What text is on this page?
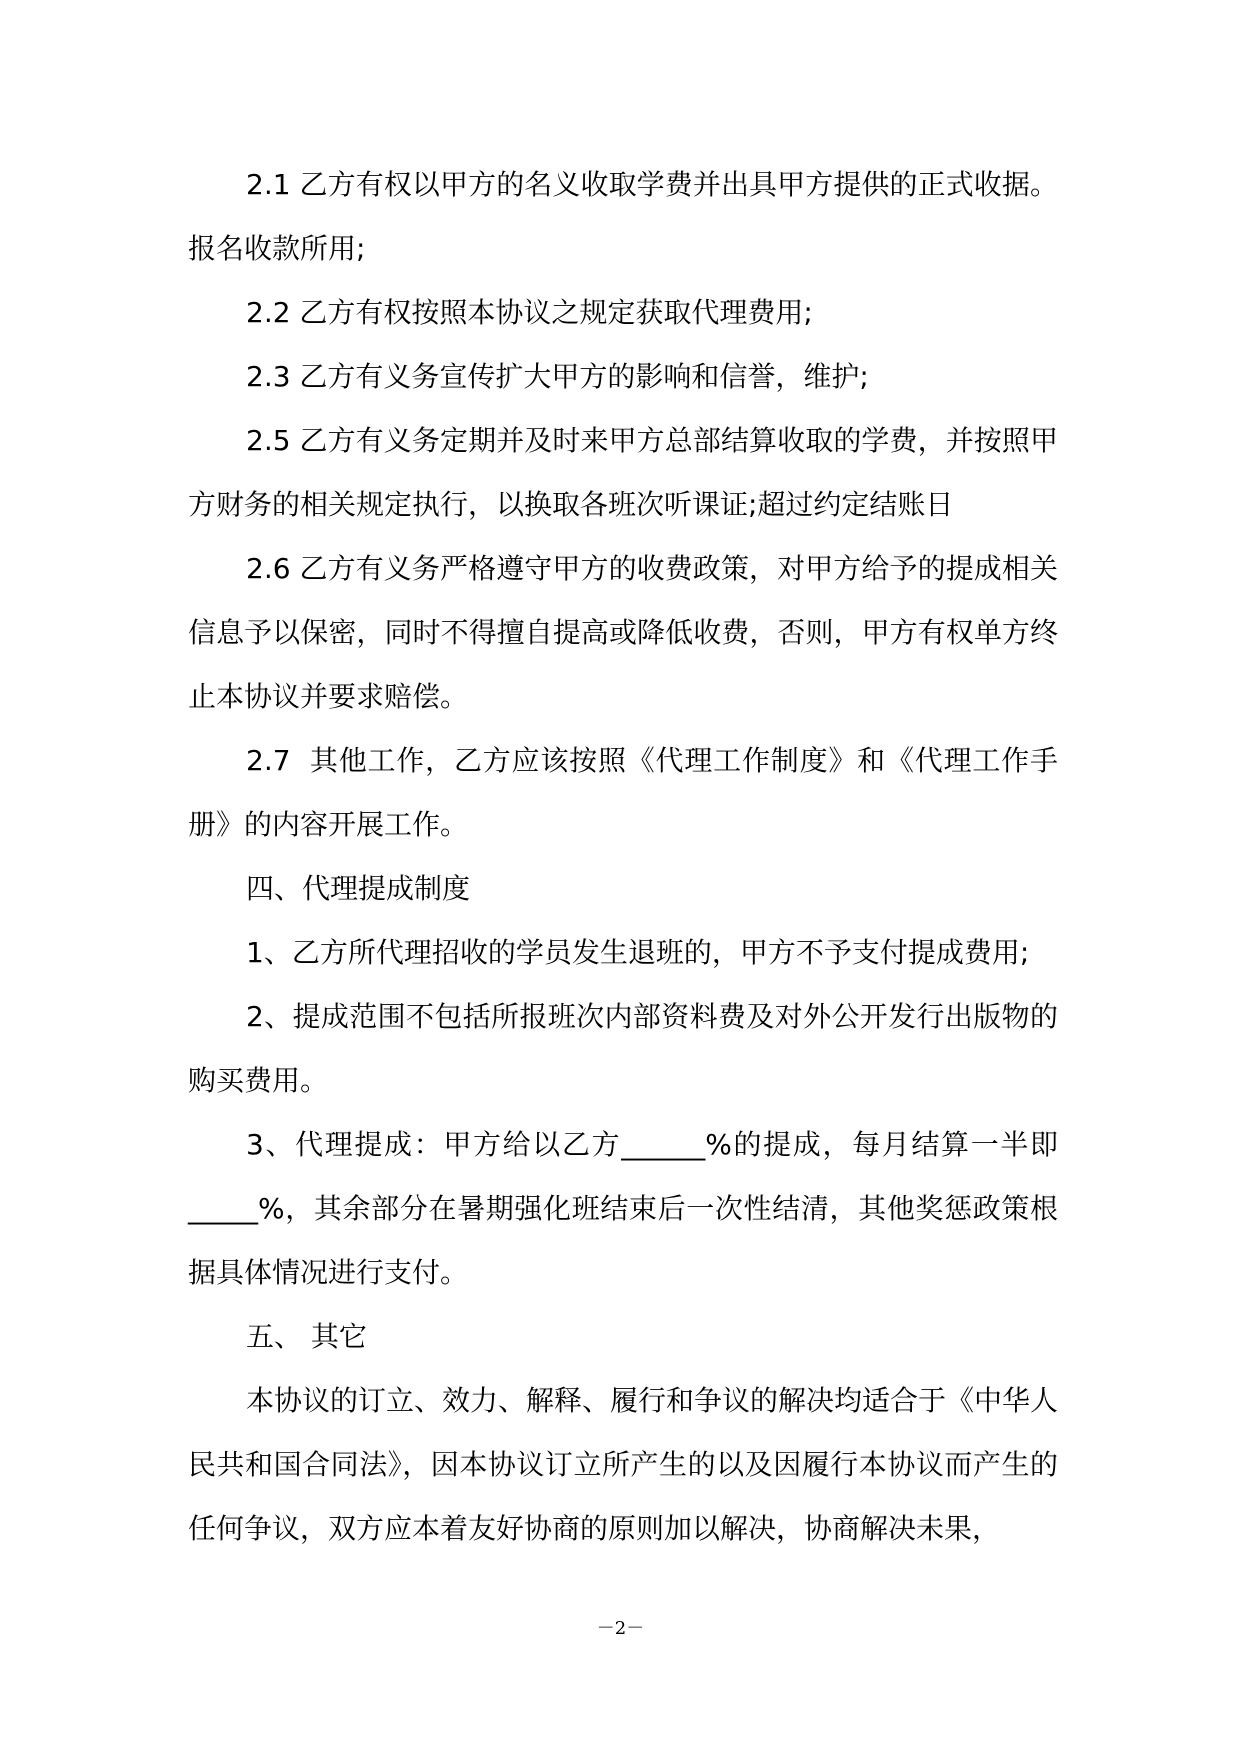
2.1 乙方有权以甲方的名义收取学费并出具甲方提供的正式收据。报名收款所用;

2.2 乙方有权按照本协议之规定获取代理费用;

2.3 乙方有义务宣传扩大甲方的影响和信誉，维护;

2.5 乙方有义务定期并及时来甲方总部结算收取的学费，并按照甲方财务的相关规定执行，以换取各班次听课证;超过约定结账日

2.6 乙方有义务严格遵守甲方的收费政策，对甲方给予的提成相关信息予以保密，同时不得擅自提高或降低收费，否则，甲方有权单方终止本协议并要求赔偿。

2.7  其他工作，乙方应该按照《代理工作制度》和《代理工作手册》的内容开展工作。

四、代理提成制度

1、乙方所代理招收的学员发生退班的，甲方不予支付提成费用;

2、提成范围不包括所报班次内部资料费及对外公开发行出版物的购买费用。

3、代理提成：甲方给以乙方______%的提成，每月结算一半即_____%，其余部分在暑期强化班结束后一次性结清，其他奖惩政策根据具体情况进行支付。

五、 其它

本协议的订立、效力、解释、履行和争议的解决均适合于《中华人民共和国合同法》，因本协议订立所产生的以及因履行本协议而产生的任何争议，双方应本着友好协商的原则加以解决，协商解决未果，

－2－
